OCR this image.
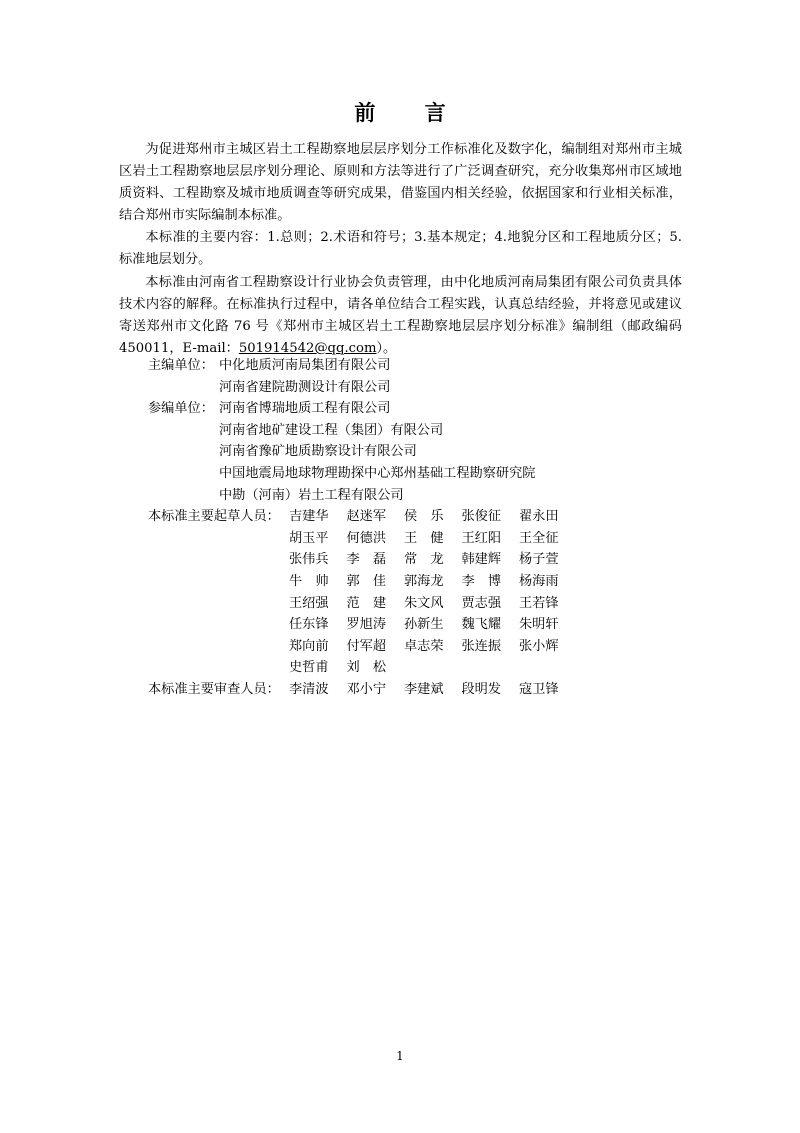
前 言

为促进郑州市主城区岩土工程勘察地层层序划分工作标准化及数字化，编制组对郑州市主城区岩土工程勘察地层层序划分理论、原则和方法等进行了广泛调查研究，充分收集郑州市区域地质资料、工程勘察及城市地质调查等研究成果，借鉴国内相关经验，依据国家和行业相关标准，结合郑州市实际编制本标准。

本标准的主要内容：1.总则；2.术语和符号；3.基本规定；4.地貌分区和工程地质分区；5.标准地层划分。

本标准由河南省工程勘察设计行业协会负责管理，由中化地质河南局集团有限公司负责具体技术内容的解释。在标准执行过程中，请各单位结合工程实践，认真总结经验，并将意见或建议寄送郑州市文化路 76 号《郑州市主城区岩土工程勘察地层层序划分标准》编制组（邮政编码 450011，E-mail：501914542@qq.com）。

主编单位： 中化地质河南局集团有限公司
河南省建院勘测设计有限公司
参编单位： 河南省博瑞地质工程有限公司
河南省地矿建设工程（集团）有限公司
河南省豫矿地质勘察设计有限公司
中国地震局地球物理勘探中心郑州基础工程勘察研究院
中勘（河南）岩土工程有限公司
本标准主要起草人员： 吉建华	赵迷军	侯　乐	张俊征	翟永田
胡玉平	何德洪	王　健	王红阳	王全征
张伟兵	李　磊	常　龙	韩建辉	杨子萱
牛　帅	郭　佳	郭海龙	李　博	杨海雨
王绍强	范　建	朱文风	贾志强	王若锋
任东锋	罗旭涛	孙新生	魏飞耀	朱明轩
郑向前	付军超	卓志荣	张连振	张小辉
史哲甫	刘　松
本标准主要审查人员： 李清波	邓小宁	李建斌	段明发	寇卫锋
1
